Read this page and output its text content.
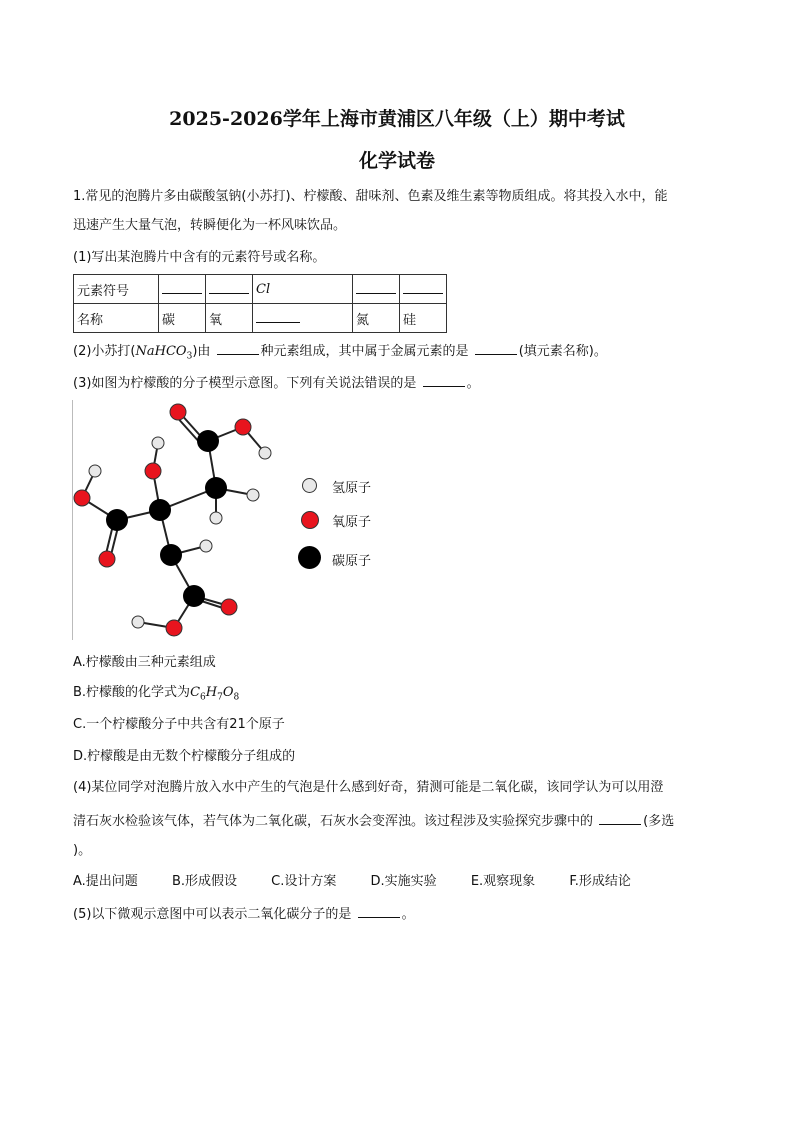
2025-2026学年上海市黄浦区八年级（上）期中考试
化学试卷
1.常见的泡腾片多由碳酸氢钠(小苏打)、柠檬酸、甜味剂、色素及维生素等物质组成。将其投入水中，能
迅速产生大量气泡，转瞬便化为一杯风味饮品。
(1)写出某泡腾片中含有的元素符号或名称。
元素符号			Cl		
名称	碳	氧		氮	硅
(2)小苏打(NaHCO$_3$)由	种元素组成，其中属于金属元素的是	(填元素名称)。
(3)如图为柠檬酸的分子模型示意图。下列有关说法错误的是	。
氢原子
氧原子
碳原子
A.柠檬酸由三种元素组成
B.柠檬酸的化学式为$C_6H_7O_8$
C.一个柠檬酸分子中共含有21个原子
D.柠檬酸是由无数个柠檬酸分子组成的
(4)某位同学对泡腾片放入水中产生的气泡是什么感到好奇，猜测可能是二氧化碳，该同学认为可以用澄
清石灰水检验该气体，若气体为二氧化碳，石灰水会变浑浊。该过程涉及实验探究步骤中的	(多选
)。
A.提出问题	B.形成假设	C.设计方案	D.实施实验	E.观察现象	F.形成结论
(5)以下微观示意图中可以表示二氧化碳分子的是	。
